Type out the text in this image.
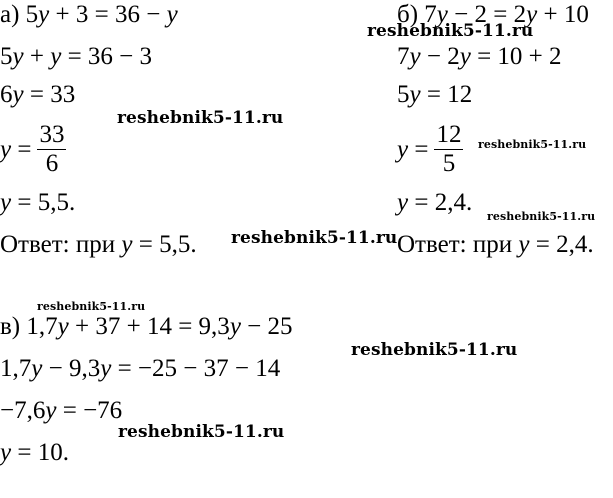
а) 5y + 3 = 36 − y
5y + y = 36 − 3
6y = 33
$y = \frac{33}{6}$
y = 5,5.
Ответ: при y = 5,5.
б) 7y − 2 = 2y + 10
7y − 2y = 10 + 2
5y = 12
$y = \frac{12}{5}$
y = 2,4.
Ответ: при y = 2,4.
в) 1,7y + 37 + 14 = 9,3y − 25
1,7y − 9,3y = −25 − 37 − 14
−7,6y = −76
y = 10.
reshebnik5-11.ru
reshebnik5-11.ru
reshebnik5-11.ru
reshebnik5-11.ru
reshebnik5-11.ru
reshebnik5-11.ru
reshebnik5-11.ru
reshebnik5-11.ru
